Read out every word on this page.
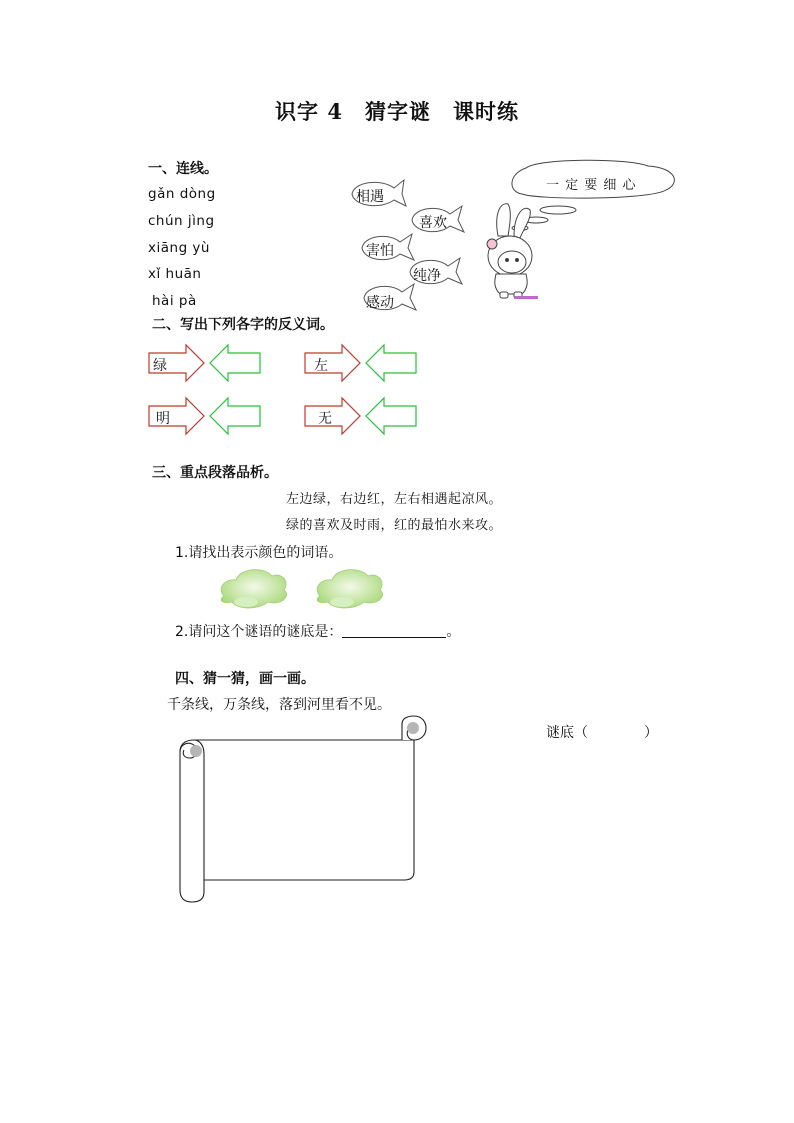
识字 4　猜字谜　课时练
一、连线。
gǎn dòng
chún jìng
xiāng yù
xǐ huān
hài pà
相遇
喜欢
害怕
纯净
感动
一 定 要 细 心
二、写出下列各字的反义词。
绿	左
明	无
三、重点段落品析。
左边绿，右边红，左右相遇起凉风。
绿的喜欢及时雨，红的最怕水来攻。
1.请找出表示颜色的词语。
2.请问这个谜语的谜底是：	。
四、猜一猜，画一画。
千条线，万条线，落到河里看不见。
谜底（　　　　）
